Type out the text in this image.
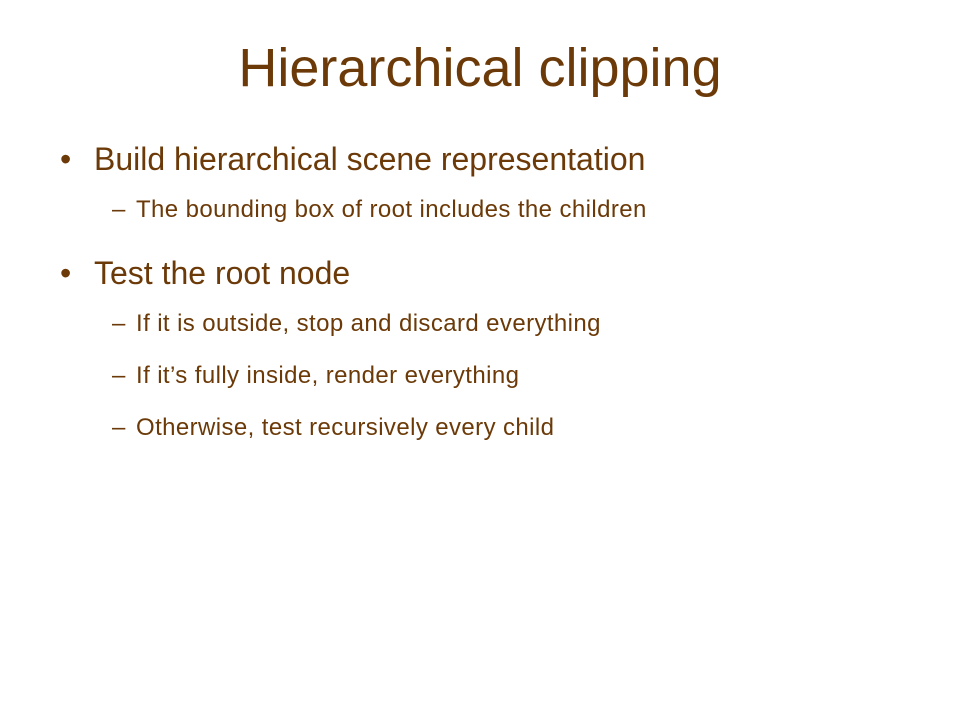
Hierarchical clipping
• Build hierarchical scene representation
– The bounding box of root includes the children
• Test the root node
– If it is outside, stop and discard everything
– If it’s fully inside, render everything
– Otherwise, test recursively every child
